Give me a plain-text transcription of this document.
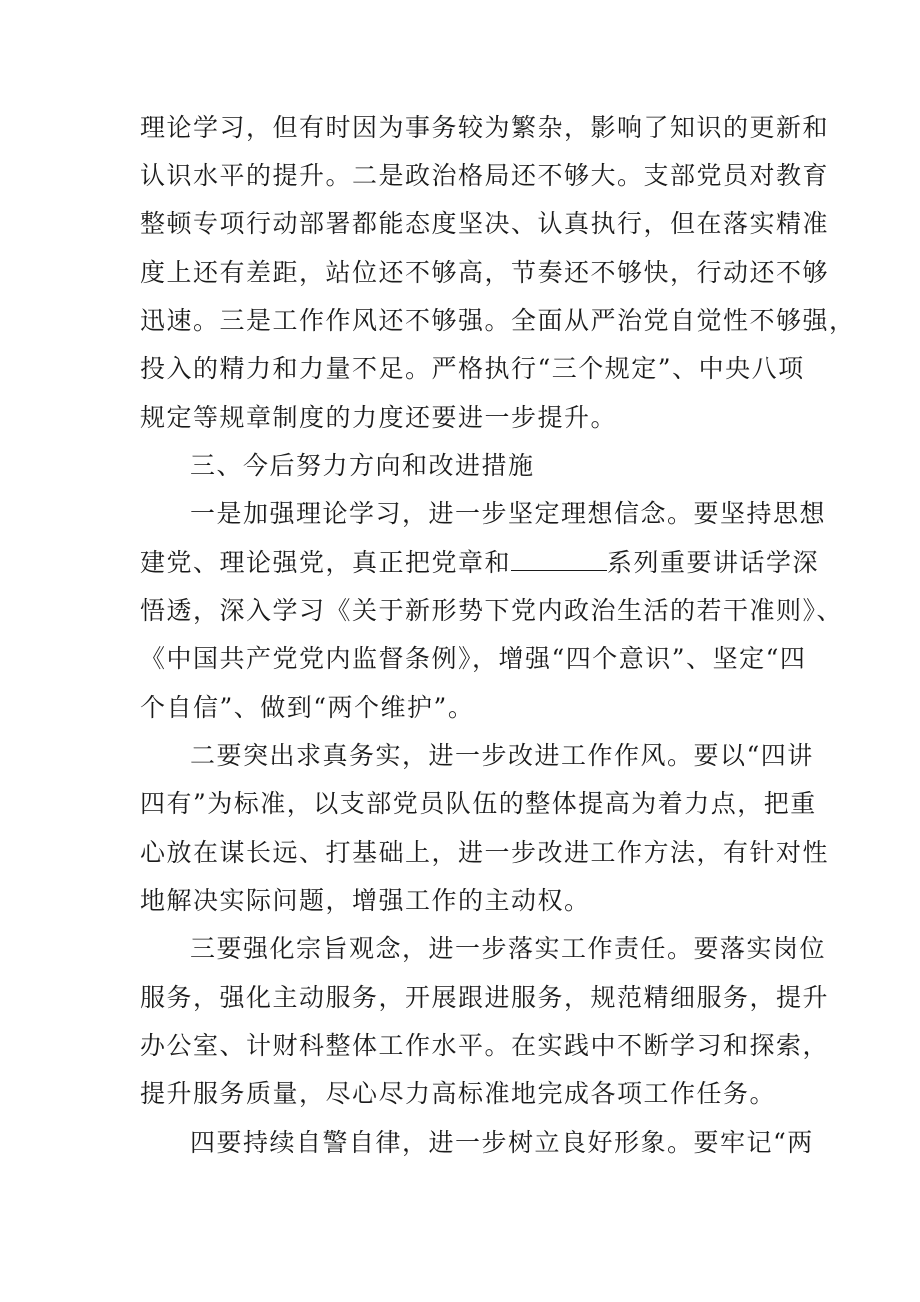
理论学习，但有时因为事务较为繁杂，影响了知识的更新和
认识水平的提升。二是政治格局还不够大。支部党员对教育
整顿专项行动部署都能态度坚决、认真执行，但在落实精准
度上还有差距，站位还不够高，节奏还不够快，行动还不够
迅速。三是工作作风还不够强。全面从严治党自觉性不够强，
投入的精力和力量不足。严格执行“三个规定”、中央八项
规定等规章制度的力度还要进一步提升。
三、今后努力方向和改进措施
一是加强理论学习，进一步坚定理想信念。要坚持思想
建党、理论强党，真正把党章和	系列重要讲话学深
悟透，深入学习《关于新形势下党内政治生活的若干准则》、
《中国共产党党内监督条例》，增强“四个意识”、坚定“四
个自信”、做到“两个维护”。
二要突出求真务实，进一步改进工作作风。要以“四讲
四有”为标准，以支部党员队伍的整体提高为着力点，把重
心放在谋长远、打基础上，进一步改进工作方法，有针对性
地解决实际问题，增强工作的主动权。
三要强化宗旨观念，进一步落实工作责任。要落实岗位
服务，强化主动服务，开展跟进服务，规范精细服务，提升
办公室、计财科整体工作水平。在实践中不断学习和探索，
提升服务质量，尽心尽力高标准地完成各项工作任务。
四要持续自警自律，进一步树立良好形象。要牢记“两
